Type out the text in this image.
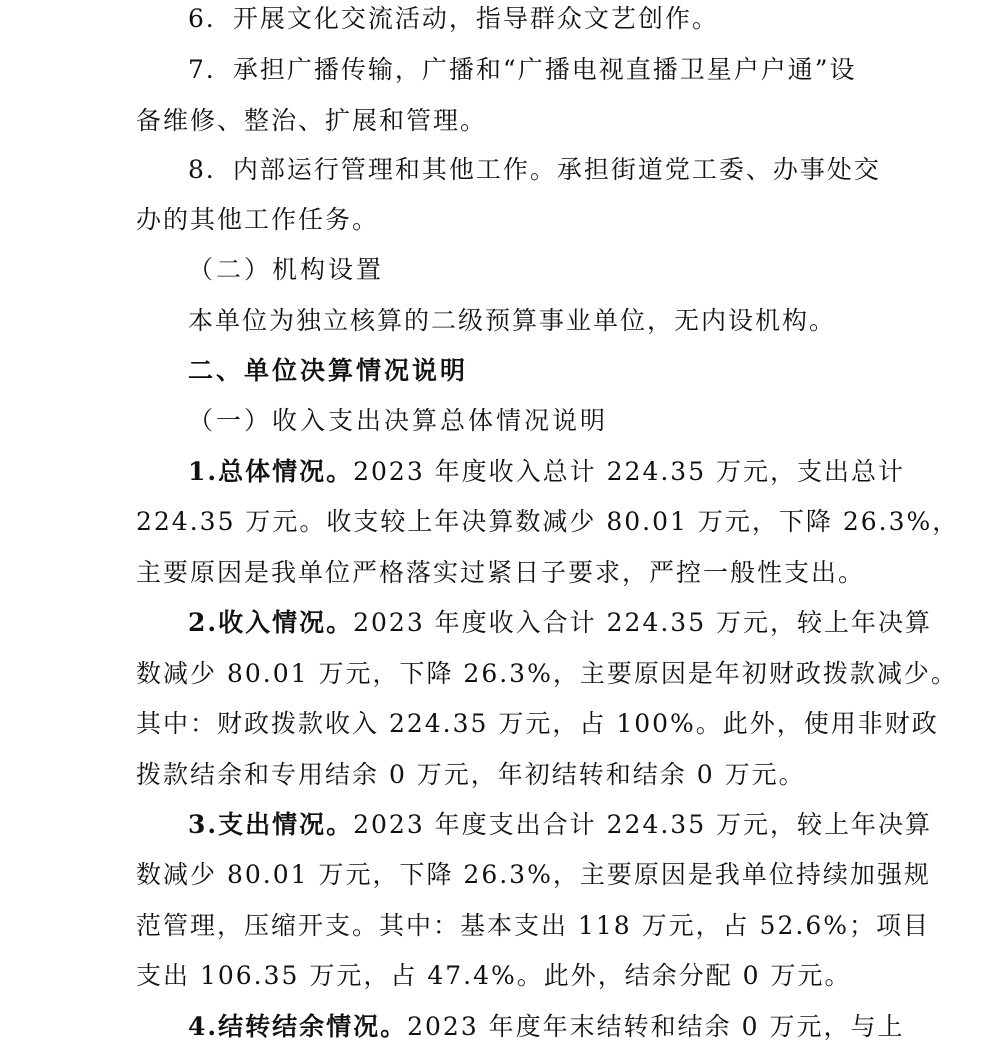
6．开展文化交流活动，指导群众文艺创作。
7．承担广播传输，广播和“广播电视直播卫星户户通”设
备维修、整治、扩展和管理。
8．内部运行管理和其他工作。承担街道党工委、办事处交
办的其他工作任务。
（二）机构设置
本单位为独立核算的二级预算事业单位，无内设机构。
二、单位决算情况说明
（一）收入支出决算总体情况说明
1.总体情况。2023 年度收入总计 224.35 万元，支出总计
224.35 万元。收支较上年决算数减少 80.01 万元，下降 26.3%，
主要原因是我单位严格落实过紧日子要求，严控一般性支出。
2.收入情况。2023 年度收入合计 224.35 万元，较上年决算
数减少 80.01 万元，下降 26.3%，主要原因是年初财政拨款减少。
其中：财政拨款收入 224.35 万元，占 100%。此外，使用非财政
拨款结余和专用结余 0 万元，年初结转和结余 0 万元。
3.支出情况。2023 年度支出合计 224.35 万元，较上年决算
数减少 80.01 万元，下降 26.3%，主要原因是我单位持续加强规
范管理，压缩开支。其中：基本支出 118 万元，占 52.6%；项目
支出 106.35 万元，占 47.4%。此外，结余分配 0 万元。
4.结转结余情况。2023 年度年末结转和结余 0 万元，与上
